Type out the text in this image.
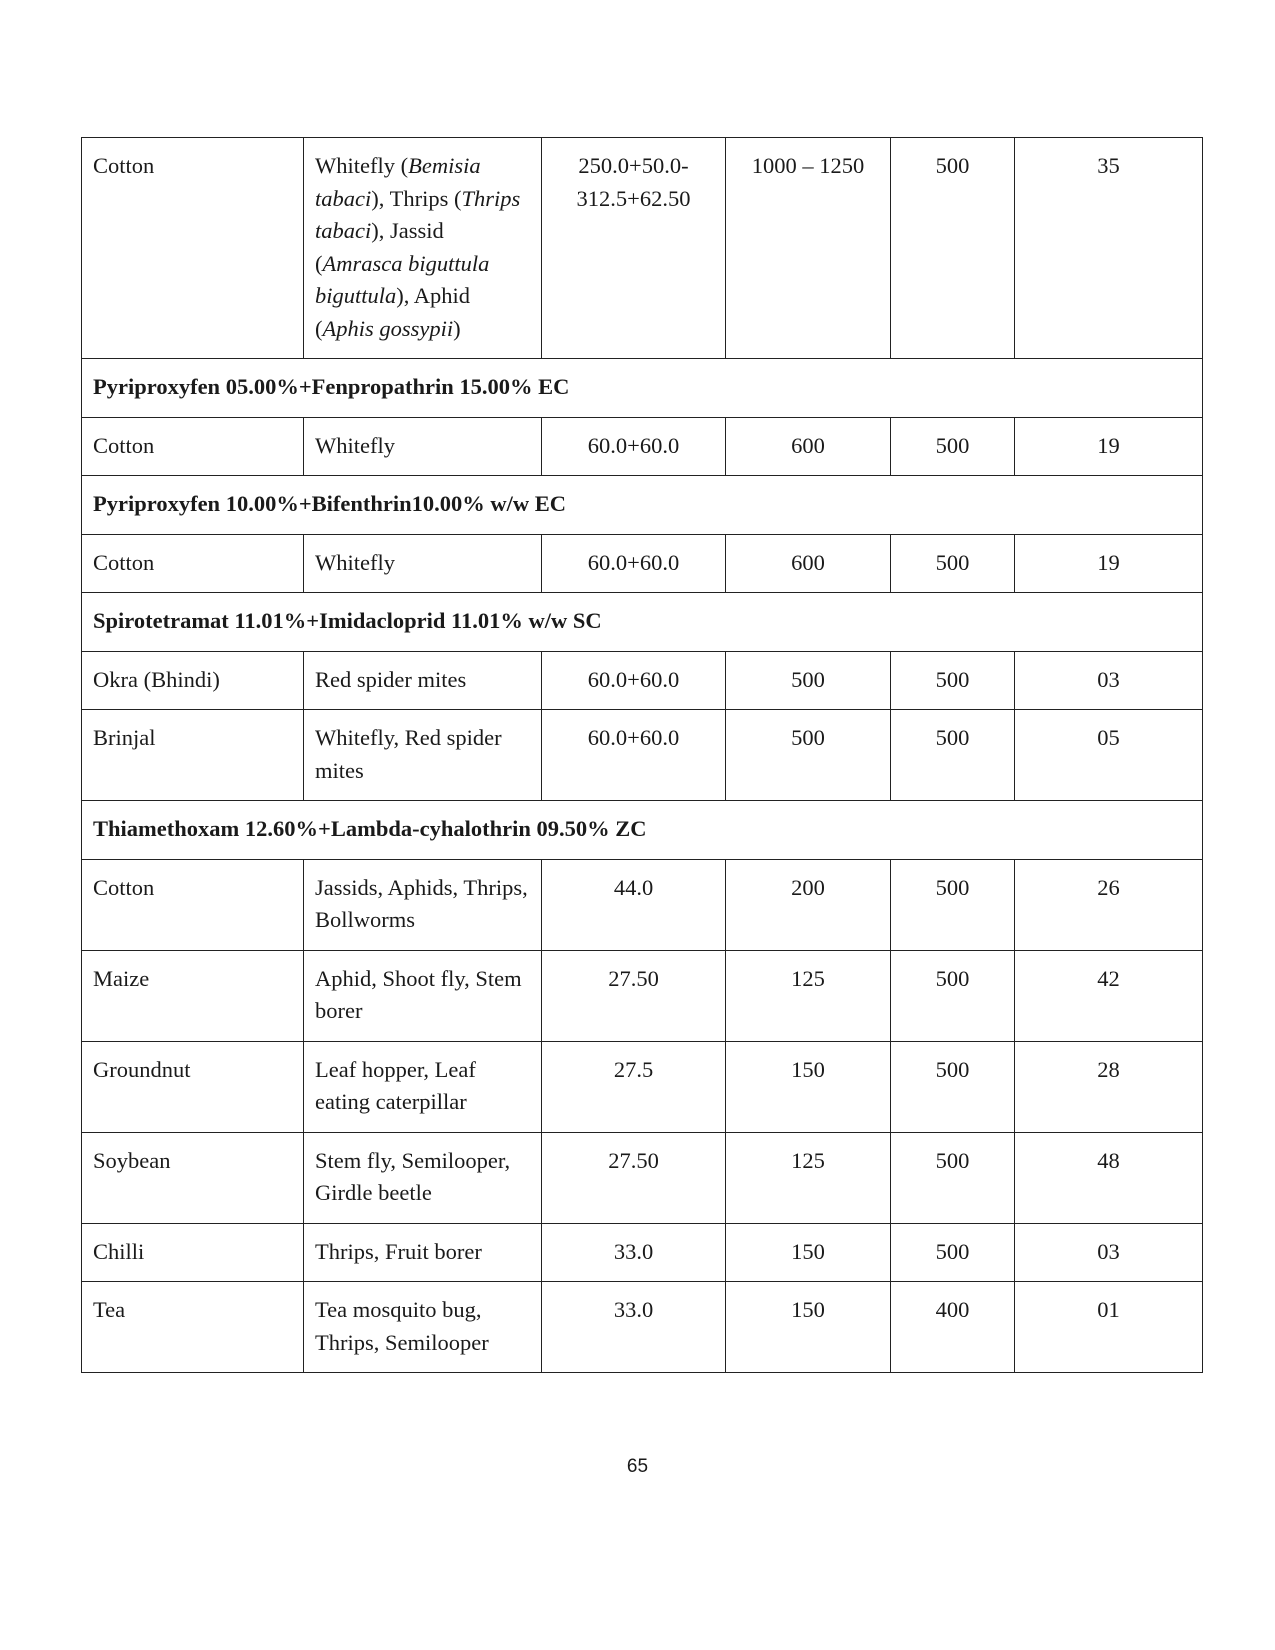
Cotton	Whitefly (Bemisia tabaci), Thrips (Thrips tabaci), Jassid (Amrasca biguttula biguttula), Aphid (Aphis gossypii)	250.0+50.0-312.5+62.50	1000 – 1250	500	35
Pyriproxyfen 05.00%+Fenpropathrin 15.00% EC					
Cotton	Whitefly	60.0+60.0	600	500	19
Pyriproxyfen 10.00%+Bifenthrin10.00% w/w EC					
Cotton	Whitefly	60.0+60.0	600	500	19
Spirotetramat 11.01%+Imidacloprid 11.01% w/w SC					
Okra (Bhindi)	Red spider mites	60.0+60.0	500	500	03
Brinjal	Whitefly, Red spider mites	60.0+60.0	500	500	05
Thiamethoxam 12.60%+Lambda-cyhalothrin 09.50% ZC					
Cotton	Jassids, Aphids, Thrips, Bollworms	44.0	200	500	26
Maize	Aphid, Shoot fly, Stem borer	27.50	125	500	42
Groundnut	Leaf hopper, Leaf eating caterpillar	27.5	150	500	28
Soybean	Stem fly, Semilooper, Girdle beetle	27.50	125	500	48
Chilli	Thrips, Fruit borer	33.0	150	500	03
Tea	Tea mosquito bug, Thrips, Semilooper	33.0	150	400	01
65
